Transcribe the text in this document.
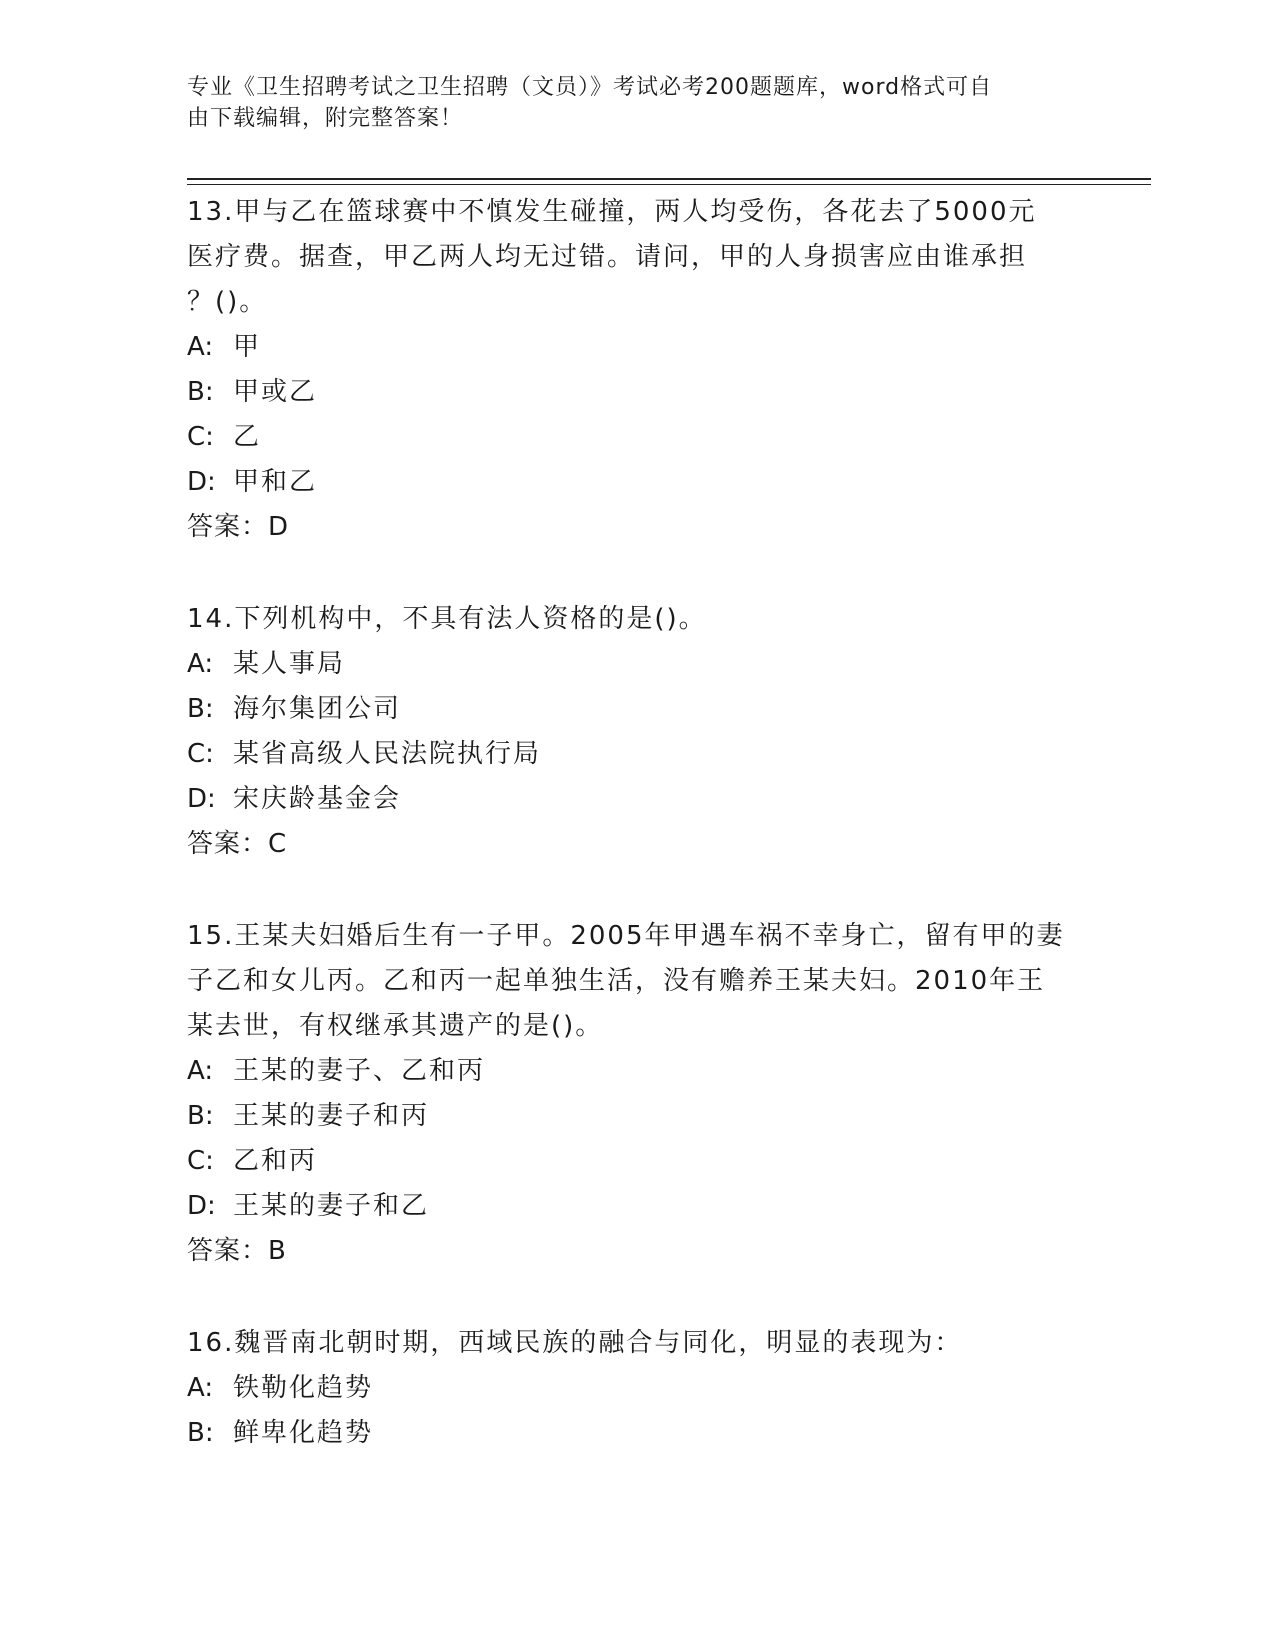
专业《卫生招聘考试之卫生招聘（文员）》考试必考200题题库，word格式可自
由下载编辑，附完整答案！
13.甲与乙在篮球赛中不慎发生碰撞，两人均受伤，各花去了5000元
医疗费。据查，甲乙两人均无过错。请问，甲的人身损害应由谁承担
？()。
A: 甲
B: 甲或乙
C: 乙
D: 甲和乙
答案：D
14.下列机构中，不具有法人资格的是()。
A: 某人事局
B: 海尔集团公司
C: 某省高级人民法院执行局
D: 宋庆龄基金会
答案：C
15.王某夫妇婚后生有一子甲。2005年甲遇车祸不幸身亡，留有甲的妻
子乙和女儿丙。乙和丙一起单独生活，没有赡养王某夫妇。2010年王
某去世，有权继承其遗产的是()。
A: 王某的妻子、乙和丙
B: 王某的妻子和丙
C: 乙和丙
D: 王某的妻子和乙
答案：B
16.魏晋南北朝时期，西域民族的融合与同化，明显的表现为：
A: 铁勒化趋势
B: 鲜卑化趋势
